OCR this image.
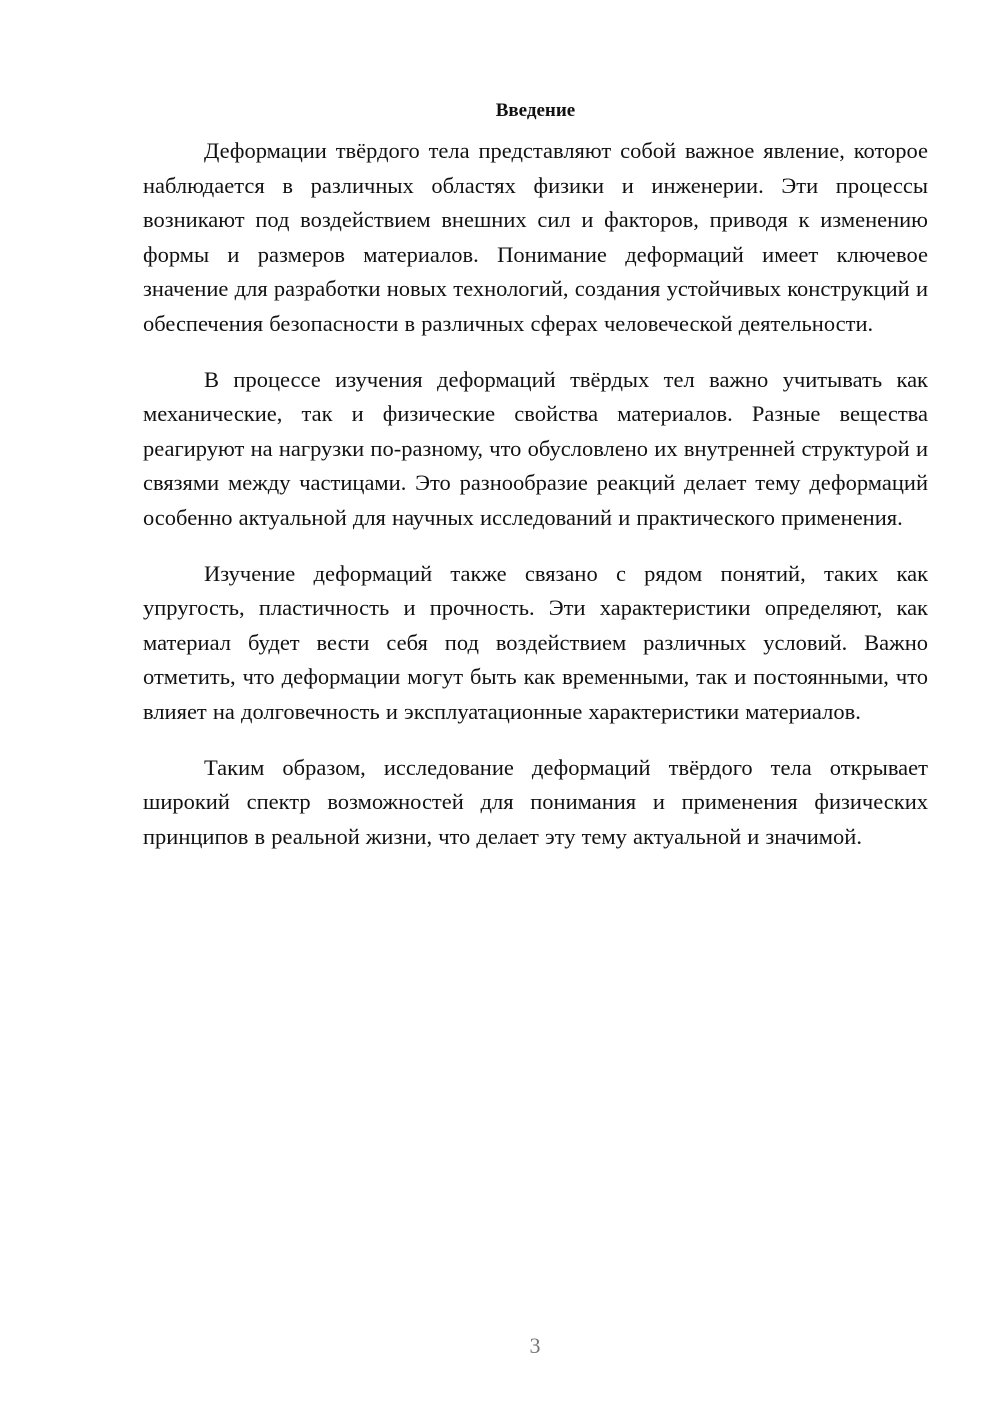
Введение

Деформации твёрдого тела представляют собой важное явление, которое наблюдается в различных областях физики и инженерии. Эти процессы возникают под воздействием внешних сил и факторов, приводя к изменению формы и размеров материалов. Понимание деформаций имеет ключевое значение для разработки новых технологий, создания устойчивых конструкций и обеспечения безопасности в различных сферах человеческой деятельности.

В процессе изучения деформаций твёрдых тел важно учитывать как механические, так и физические свойства материалов. Разные вещества реагируют на нагрузки по-разному, что обусловлено их внутренней структурой и связями между частицами. Это разнообразие реакций делает тему деформаций особенно актуальной для научных исследований и практического применения.

Изучение деформаций также связано с рядом понятий, таких как упругость, пластичность и прочность. Эти характеристики определяют, как материал будет вести себя под воздействием различных условий. Важно отметить, что деформации могут быть как временными, так и постоянными, что влияет на долговечность и эксплуатационные характеристики материалов.

Таким образом, исследование деформаций твёрдого тела открывает широкий спектр возможностей для понимания и применения физических принципов в реальной жизни, что делает эту тему актуальной и значимой.

3
